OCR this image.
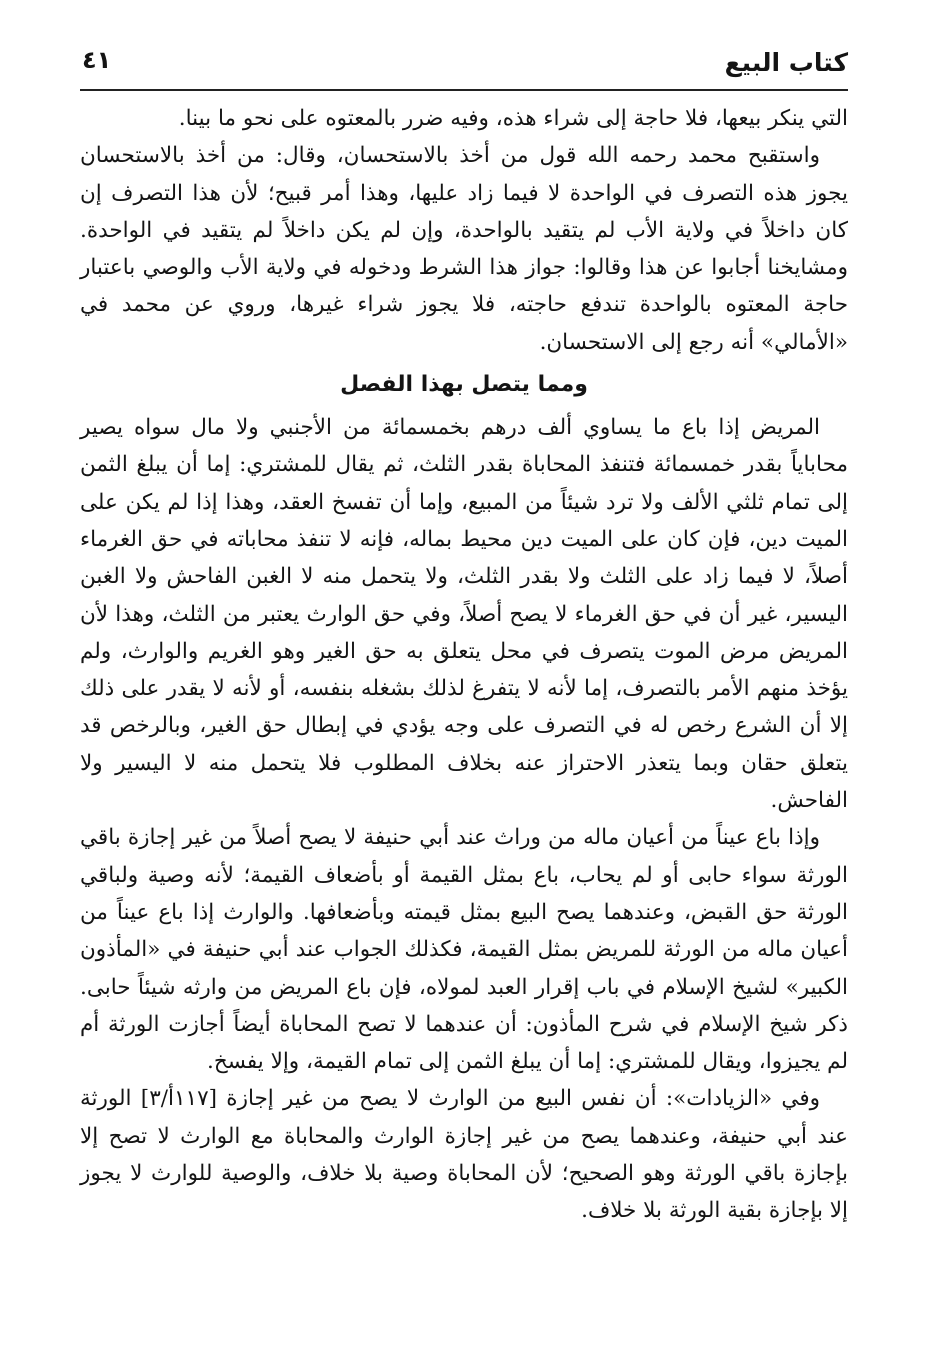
كتاب البيع
٤١

التي ينكر بيعها، فلا حاجة إلى شراء هذه، وفيه ضرر بالمعتوه على نحو ما بينا.

واستقبح محمد رحمه الله قول من أخذ بالاستحسان، وقال: من أخذ بالاستحسان يجوز هذه التصرف في الواحدة لا فيما زاد عليها، وهذا أمر قبيح؛ لأن هذا التصرف إن كان داخلاً في ولاية الأب لم يتقيد بالواحدة، وإن لم يكن داخلاً لم يتقيد في الواحدة. ومشايخنا أجابوا عن هذا وقالوا: جواز هذا الشرط ودخوله في ولاية الأب والوصي باعتبار حاجة المعتوه بالواحدة تندفع حاجته، فلا يجوز شراء غيرها، وروي عن محمد في «الأمالي» أنه رجع إلى الاستحسان.

ومما يتصل بهذا الفصل

المريض إذا باع ما يساوي ألف درهم بخمسمائة من الأجنبي ولا مال سواه يصير محاباياً بقدر خمسمائة فتنفذ المحاباة بقدر الثلث، ثم يقال للمشتري: إما أن يبلغ الثمن إلى تمام ثلثي الألف ولا ترد شيئاً من المبيع، وإما أن تفسخ العقد، وهذا إذا لم يكن على الميت دين، فإن كان على الميت دين محيط بماله، فإنه لا تنفذ محاباته في حق الغرماء أصلاً، لا فيما زاد على الثلث ولا بقدر الثلث، ولا يتحمل منه لا الغبن الفاحش ولا الغبن اليسير، غير أن في حق الغرماء لا يصح أصلاً، وفي حق الوارث يعتبر من الثلث، وهذا لأن المريض مرض الموت يتصرف في محل يتعلق به حق الغير وهو الغريم والوارث، ولم يؤخذ منهم الأمر بالتصرف، إما لأنه لا يتفرغ لذلك بشغله بنفسه، أو لأنه لا يقدر على ذلك إلا أن الشرع رخص له في التصرف على وجه يؤدي في إبطال حق الغير، وبالرخص قد يتعلق حقان وبما يتعذر الاحتراز عنه بخلاف المطلوب فلا يتحمل منه لا اليسير ولا الفاحش.

وإذا باع عيناً من أعيان ماله من وراث عند أبي حنيفة لا يصح أصلاً من غير إجازة باقي الورثة سواء حابى أو لم يحاب، باع بمثل القيمة أو بأضعاف القيمة؛ لأنه وصية ولباقي الورثة حق القبض، وعندهما يصح البيع بمثل قيمته وبأضعافها. والوارث إذا باع عيناً من أعيان ماله من الورثة للمريض بمثل القيمة، فكذلك الجواب عند أبي حنيفة في «المأذون الكبير» لشيخ الإسلام في باب إقرار العبد لمولاه، فإن باع المريض من وارثه شيئاً حابى. ذكر شيخ الإسلام في شرح المأذون: أن عندهما لا تصح المحاباة أيضاً أجازت الورثة أم لم يجيزوا، ويقال للمشتري: إما أن يبلغ الثمن إلى تمام القيمة، وإلا يفسخ.

وفي «الزيادات»: أن نفس البيع من الوارث لا يصح من غير إجازة [١١٧أ/٣] الورثة عند أبي حنيفة، وعندهما يصح من غير إجازة الوارث والمحاباة مع الوارث لا تصح إلا بإجازة باقي الورثة وهو الصحيح؛ لأن المحاباة وصية بلا خلاف، والوصية للوارث لا يجوز إلا بإجازة بقية الورثة بلا خلاف.
